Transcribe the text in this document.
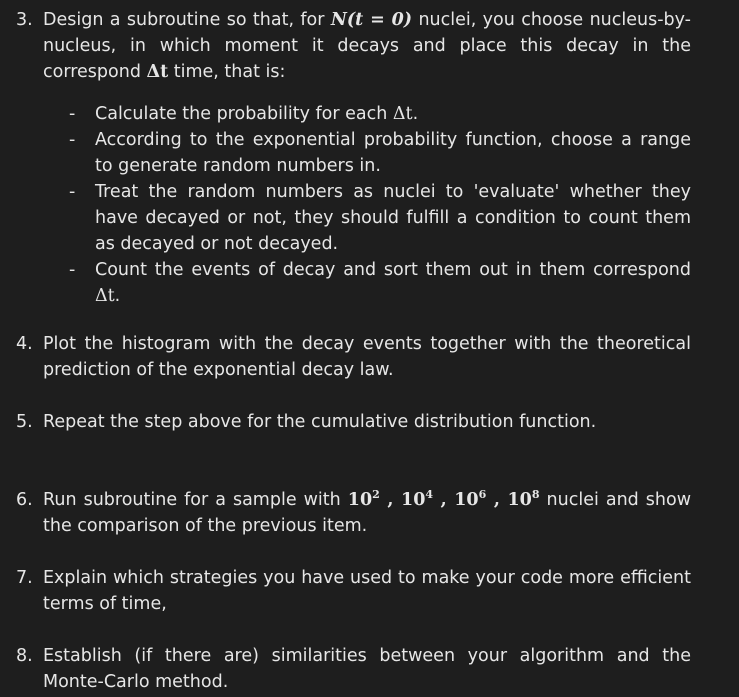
3. Design a subroutine so that, for N(t = 0) nuclei, you choose nucleus-by-nucleus, in which moment it decays and place this decay in the correspond Δt time, that is:
- Calculate the probability for each Δt.
- According to the exponential probability function, choose a range to generate random numbers in.
- Treat the random numbers as nuclei to 'evaluate' whether they have decayed or not, they should fulfill a condition to count them as decayed or not decayed.
- Count the events of decay and sort them out in them correspond Δt.
4. Plot the histogram with the decay events together with the theoretical prediction of the exponential decay law.
5. Repeat the step above for the cumulative distribution function.
6. Run subroutine for a sample with $10^2$ , $10^4$ , $10^6$ , $10^8$ nuclei and show the comparison of the previous item.
7. Explain which strategies you have used to make your code more efficient terms of time,
8. Establish (if there are) similarities between your algorithm and the Monte-Carlo method.
